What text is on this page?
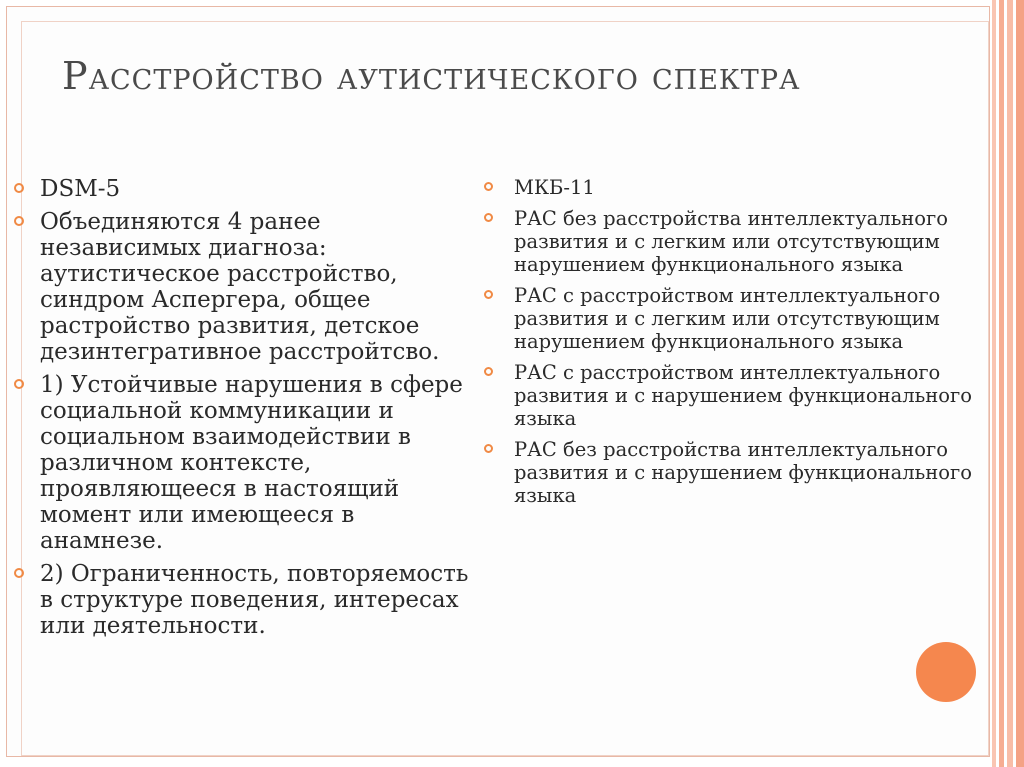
Расстройство аутистического спектра
DSM-5
Объединяются 4 ранее независимых диагноза: аутистическое расстройство, синдром Аспергера, общее растройство развития, детское дезинтегративное расстройтсво.
1) Устойчивые нарушения в сфере социальной коммуникации и социальном взаимодействии в различном контексте, проявляющееся в настоящий момент или имеющееся в анамнезе.
2) Ограниченность, повторяемость в структуре поведения, интересах или деятельности.
МКБ-11
РАС без расстройства интеллектуального развития и с легким или отсутствующим нарушением функционального языка
РАС с расстройством интеллектуального развития и с легким или отсутствующим нарушением функционального языка
РАС с расстройством интеллектуального развития и с нарушением функционального языка
РАС без расстройства интеллектуального развития и с нарушением функционального языка
